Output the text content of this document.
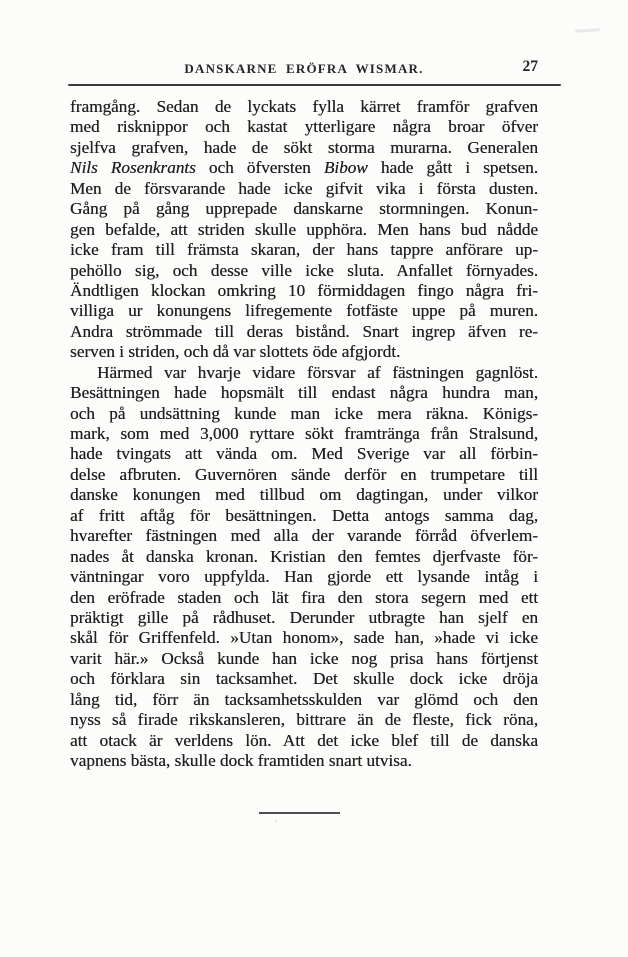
DANSKARNE ERÖFRA WISMAR.	27
framgång. Sedan de lyckats fylla kärret framför grafven
med risknippor och kastat ytterligare några broar öfver
sjelfva grafven, hade de sökt storma murarna. Generalen
Nils Rosenkrants och öfversten Bibow hade gått i spetsen.
Men de försvarande hade icke gifvit vika i första dusten.
Gång på gång upprepade danskarne stormningen. Konun-
gen befalde, att striden skulle upphöra. Men hans bud nådde
icke fram till främsta skaran, der hans tappre anförare up-
pehöllo sig, och desse ville icke sluta. Anfallet förnyades.
Ändtligen klockan omkring 10 förmiddagen fingo några fri-
villiga ur konungens lifregemente fotfäste uppe på muren.
Andra strömmade till deras bistånd. Snart ingrep äfven re-
serven i striden, och då var slottets öde afgjordt.
Härmed var hvarje vidare försvar af fästningen gagnlöst.
Besättningen hade hopsmält till endast några hundra man,
och på undsättning kunde man icke mera räkna. Königs-
mark, som med 3,000 ryttare sökt framtränga från Stralsund,
hade tvingats att vända om. Med Sverige var all förbin-
delse afbruten. Guvernören sände derför en trumpetare till
danske konungen med tillbud om dagtingan, under vilkor
af fritt aftåg för besättningen. Detta antogs samma dag,
hvarefter fästningen med alla der varande förråd öfverlem-
nades åt danska kronan. Kristian den femtes djerfvaste för-
väntningar voro uppfylda. Han gjorde ett lysande intåg i
den eröfrade staden och lät fira den stora segern med ett
präktigt gille på rådhuset. Derunder utbragte han sjelf en
skål för Griffenfeld. »Utan honom», sade han, »hade vi icke
varit här.» Också kunde han icke nog prisa hans förtjenst
och förklara sin tacksamhet. Det skulle dock icke dröja
lång tid, förr än tacksamhetsskulden var glömd och den
nyss så firade rikskansleren, bittrare än de fleste, fick röna,
att otack är verldens lön. Att det icke blef till de danska
vapnens bästa, skulle dock framtiden snart utvisa.
